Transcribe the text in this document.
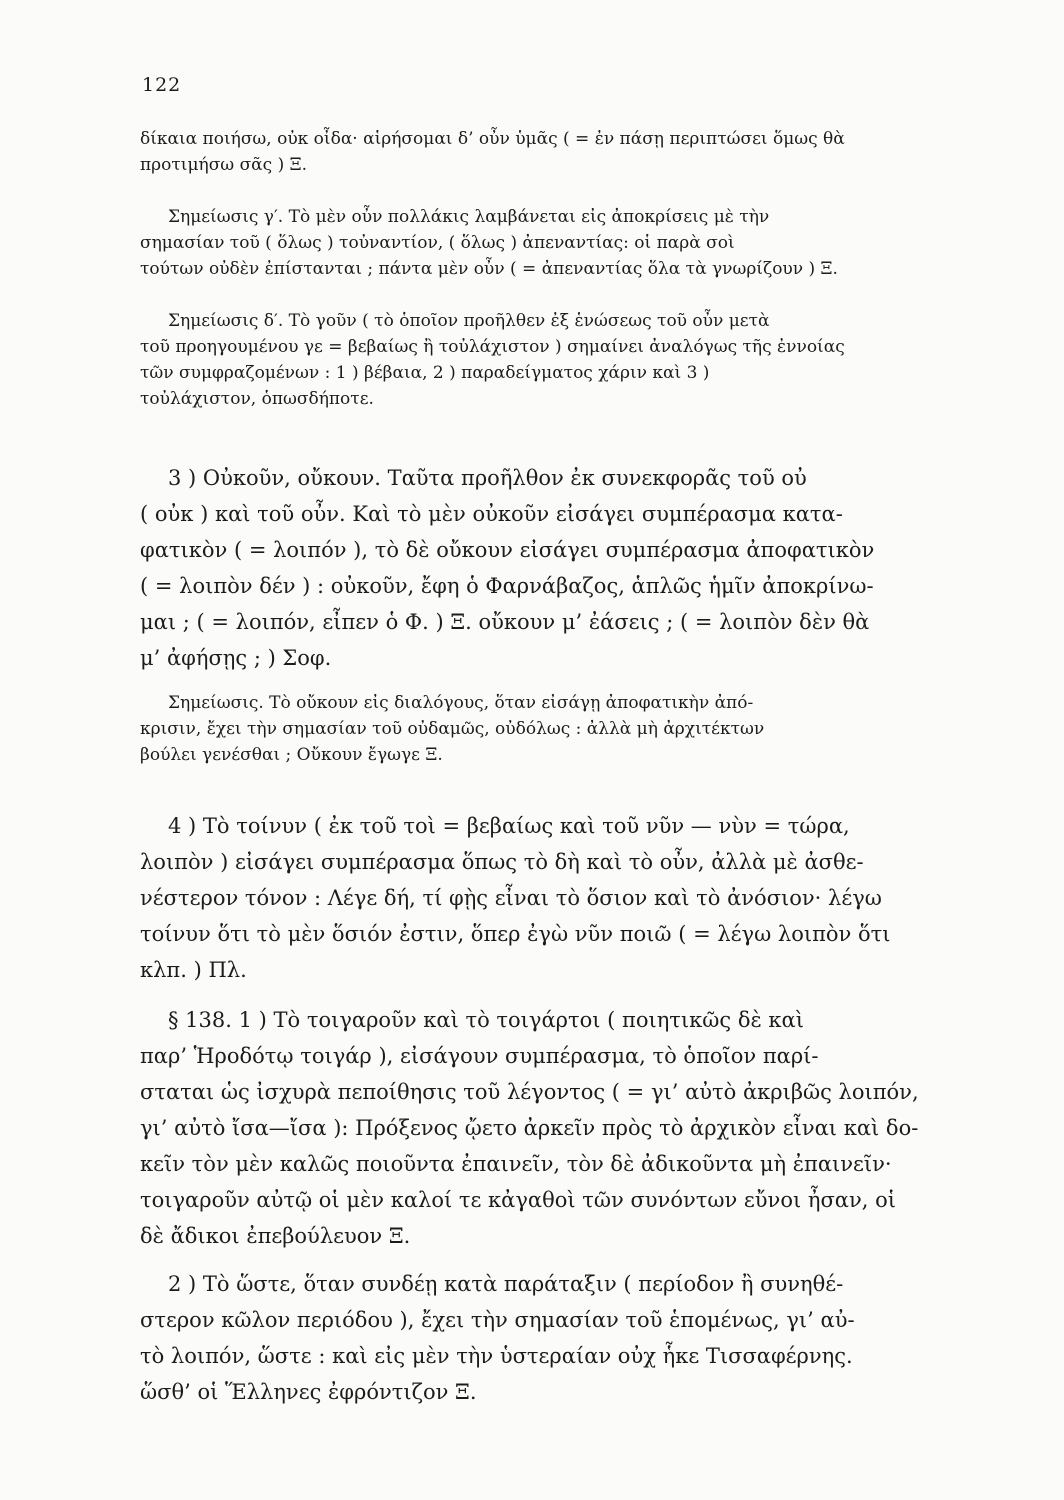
122
δίκαια ποιήσω, οὐκ οἶδα· αἱρήσομαι δ’ οὖν ὑμᾶς ( = ἐν πάσῃ περιπτώσει ὅμως θὰ
προτιμήσω σᾶς ) Ξ.
Σημείωσις γ′. Τὸ μὲν οὖν πολλάκις λαμβάνεται εἰς ἀποκρίσεις μὲ τὴν
σημασίαν τοῦ ( ὅλως ) τοὐναντίον, ( ὅλως ) ἀπεναντίας: οἱ παρὰ σοὶ
τούτων οὐδὲν ἐπίστανται ; πάντα μὲν οὖν ( = ἀπεναντίας ὅλα τὰ γνωρίζουν ) Ξ.
Σημείωσις δ′. Τὸ γοῦν ( τὸ ὁποῖον προῆλθεν ἐξ ἑνώσεως τοῦ οὖν μετὰ
τοῦ προηγουμένου γε = βεβαίως ἢ τοὐλάχιστον ) σημαίνει ἀναλόγως τῆς ἐννοίας
τῶν συμφραζομένων : 1 ) βέβαια, 2 ) παραδείγματος χάριν καὶ 3 )
τοὐλάχιστον, ὁπωσδήποτε.
3 ) Οὐκοῦν, οὔκουν. Ταῦτα προῆλθον ἐκ συνεκφορᾶς τοῦ οὐ
( οὐκ ) καὶ τοῦ οὖν. Καὶ τὸ μὲν οὐκοῦν εἰσάγει συμπέρασμα κατα-
φατικὸν ( = λοιπόν ), τὸ δὲ οὔκουν εἰσάγει συμπέρασμα ἀποφατικὸν
( = λοιπὸν δέν ) : οὐκοῦν, ἔφη ὁ Φαρνάβαζος, ἁπλῶς ἡμῖν ἀποκρίνω-
μαι ; ( = λοιπόν, εἶπεν ὁ Φ. ) Ξ. οὔκουν μ’ ἐάσεις ; ( = λοιπὸν δὲν θὰ
μ’ ἀφήσῃς ; ) Σοφ.
Σημείωσις. Τὸ οὔκουν εἰς διαλόγους, ὅταν εἰσάγῃ ἀποφατικὴν ἀπό-
κρισιν, ἔχει τὴν σημασίαν τοῦ οὐδαμῶς, οὐδόλως : ἀλλὰ μὴ ἀρχιτέκτων
βούλει γενέσθαι ; Οὔκουν ἔγωγε Ξ.
4 ) Τὸ τοίνυν ( ἐκ τοῦ τοὶ = βεβαίως καὶ τοῦ νῦν — νὺν = τώρα,
λοιπὸν ) εἰσάγει συμπέρασμα ὅπως τὸ δὴ καὶ τὸ οὖν, ἀλλὰ μὲ ἀσθε-
νέστερον τόνον : Λέγε δή, τί φῂς εἶναι τὸ ὅσιον καὶ τὸ ἀνόσιον· λέγω
τοίνυν ὅτι τὸ μὲν ὅσιόν ἐστιν, ὅπερ ἐγὼ νῦν ποιῶ ( = λέγω λοιπὸν ὅτι
κλπ. ) Πλ.
§ 138. 1 ) Τὸ τοιγαροῦν καὶ τὸ τοιγάρτοι ( ποιητικῶς δὲ καὶ
παρ’ Ἡροδότῳ τοιγάρ ), εἰσάγουν συμπέρασμα, τὸ ὁποῖον παρί-
σταται ὡς ἰσχυρὰ πεποίθησις τοῦ λέγοντος ( = γι’ αὐτὸ ἀκριβῶς λοιπόν,
γι’ αὐτὸ ἴσα—ἴσα ): Πρόξενος ᾤετο ἀρκεῖν πρὸς τὸ ἀρχικὸν εἶναι καὶ δο-
κεῖν τὸν μὲν καλῶς ποιοῦντα ἐπαινεῖν, τὸν δὲ ἀδικοῦντα μὴ ἐπαινεῖν·
τοιγαροῦν αὐτῷ οἱ μὲν καλοί τε κἀγαθοὶ τῶν συνόντων εὔνοι ἦσαν, οἱ
δὲ ἄδικοι ἐπεβούλευον Ξ.
2 ) Τὸ ὥστε, ὅταν συνδέῃ κατὰ παράταξιν ( περίοδον ἢ συνηθέ-
στερον κῶλον περιόδου ), ἔχει τὴν σημασίαν τοῦ ἑπομένως, γι’ αὐ-
τὸ λοιπόν, ὥστε : καὶ εἰς μὲν τὴν ὑστεραίαν οὐχ ἧκε Τισσαφέρνης.
ὥσθ’ οἱ Ἕλληνες ἐφρόντιζον Ξ.
